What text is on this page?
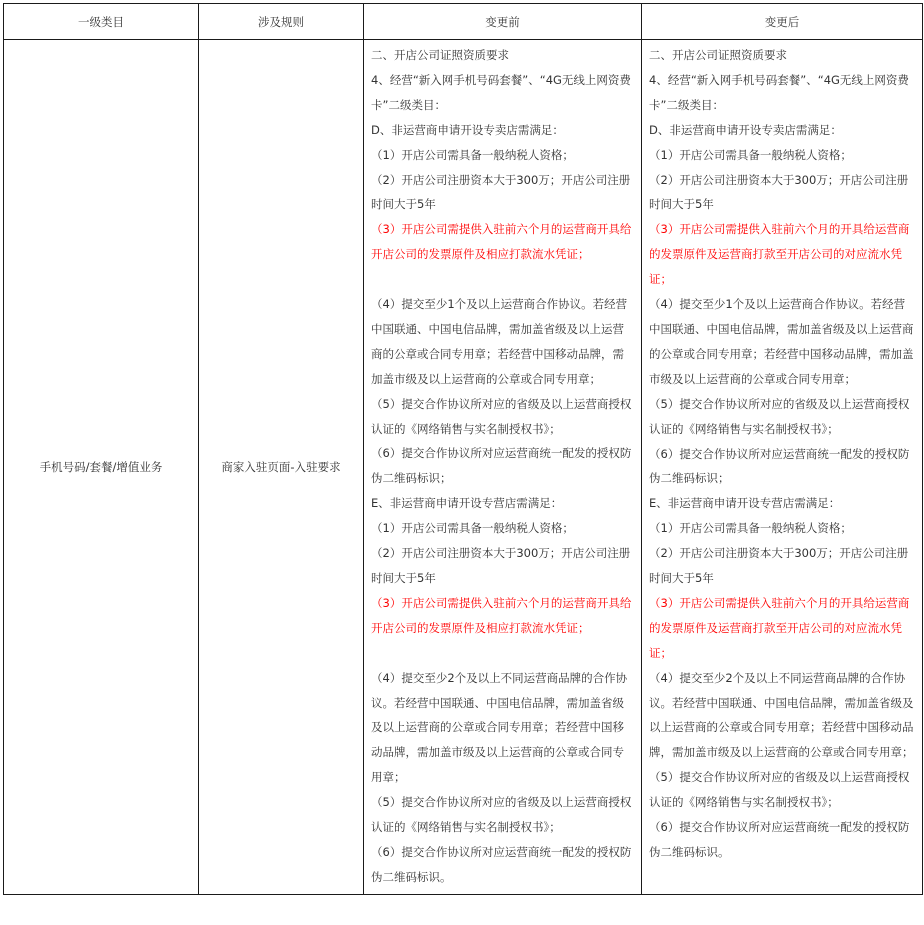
一级类目	涉及规则	变更前	变更后
手机号码/套餐/增值业务	商家入驻页面-入驻要求	
二、开店公司证照资质要求
4、经营“新入网手机号码套餐”、“4G无线上网资费卡”二级类目：
D、非运营商申请开设专卖店需满足：
（1）开店公司需具备一般纳税人资格；
（2）开店公司注册资本大于300万；开店公司注册时间大于5年
（3）开店公司需提供入驻前六个月的运营商开具给开店公司的发票原件及相应打款流水凭证；
（4）提交至少1个及以上运营商合作协议。若经营中国联通、中国电信品牌，需加盖省级及以上运营商的公章或合同专用章；若经营中国移动品牌，需加盖市级及以上运营商的公章或合同专用章；
（5）提交合作协议所对应的省级及以上运营商授权认证的《网络销售与实名制授权书》；
（6）提交合作协议所对应运营商统一配发的授权防伪二维码标识；
E、非运营商申请开设专营店需满足：
（1）开店公司需具备一般纳税人资格；
（2）开店公司注册资本大于300万；开店公司注册时间大于5年
（3）开店公司需提供入驻前六个月的运营商开具给开店公司的发票原件及相应打款流水凭证；
（4）提交至少2个及以上不同运营商品牌的合作协议。若经营中国联通、中国电信品牌，需加盖省级及以上运营商的公章或合同专用章；若经营中国移动品牌，需加盖市级及以上运营商的公章或合同专用章；
（5）提交合作协议所对应的省级及以上运营商授权认证的《网络销售与实名制授权书》；
（6）提交合作协议所对应运营商统一配发的授权防伪二维码标识。

二、开店公司证照资质要求
4、经营“新入网手机号码套餐”、“4G无线上网资费卡”二级类目：
D、非运营商申请开设专卖店需满足：
（1）开店公司需具备一般纳税人资格；
（2）开店公司注册资本大于300万；开店公司注册时间大于5年
（3）开店公司需提供入驻前六个月的开具给运营商的发票原件及运营商打款至开店公司的对应流水凭证；
（4）提交至少1个及以上运营商合作协议。若经营中国联通、中国电信品牌，需加盖省级及以上运营商的公章或合同专用章；若经营中国移动品牌，需加盖市级及以上运营商的公章或合同专用章；
（5）提交合作协议所对应的省级及以上运营商授权认证的《网络销售与实名制授权书》；
（6）提交合作协议所对应运营商统一配发的授权防伪二维码标识；
E、非运营商申请开设专营店需满足：
（1）开店公司需具备一般纳税人资格；
（2）开店公司注册资本大于300万；开店公司注册时间大于5年
（3）开店公司需提供入驻前六个月的开具给运营商的发票原件及运营商打款至开店公司的对应流水凭证；
（4）提交至少2个及以上不同运营商品牌的合作协议。若经营中国联通、中国电信品牌，需加盖省级及以上运营商的公章或合同专用章；若经营中国移动品牌，需加盖市级及以上运营商的公章或合同专用章；
（5）提交合作协议所对应的省级及以上运营商授权认证的《网络销售与实名制授权书》；
（6）提交合作协议所对应运营商统一配发的授权防伪二维码标识。
